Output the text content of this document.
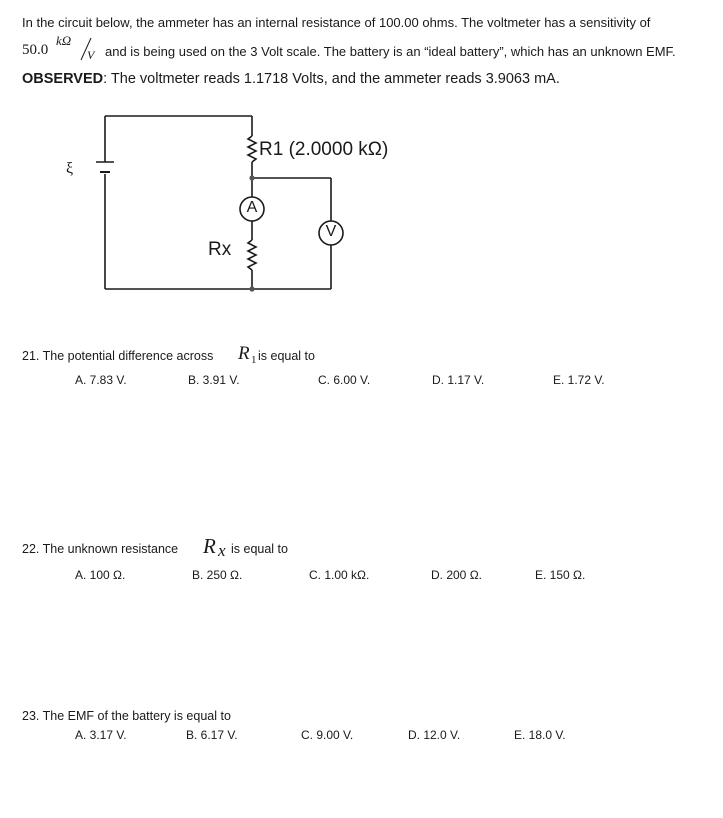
In the circuit below, the ammeter has an internal resistance of 100.00 ohms. The voltmeter has a sensitivity of
50.0
kΩ
V and is being used on the 3 Volt scale. The battery is an “ideal battery”, which has an unknown EMF.
OBSERVED: The voltmeter reads 1.1718 Volts, and the ammeter reads 3.9063 mA.
ξ
R1 (2.0000 kΩ)
A
V
Rx
21. The potential difference across R 1 is equal to
A. 7.83 V.	B. 3.91 V.	C. 6.00 V.	D. 1.17 V.	E. 1.72 V.
22. The unknown resistance R x is equal to
A. 100 Ω.	B. 250 Ω.	C. 1.00 kΩ.	D. 200 Ω.	E. 150 Ω.
23. The EMF of the battery is equal to
A. 3.17 V.	B. 6.17 V.	C. 9.00 V.	D. 12.0 V.	E. 18.0 V.
